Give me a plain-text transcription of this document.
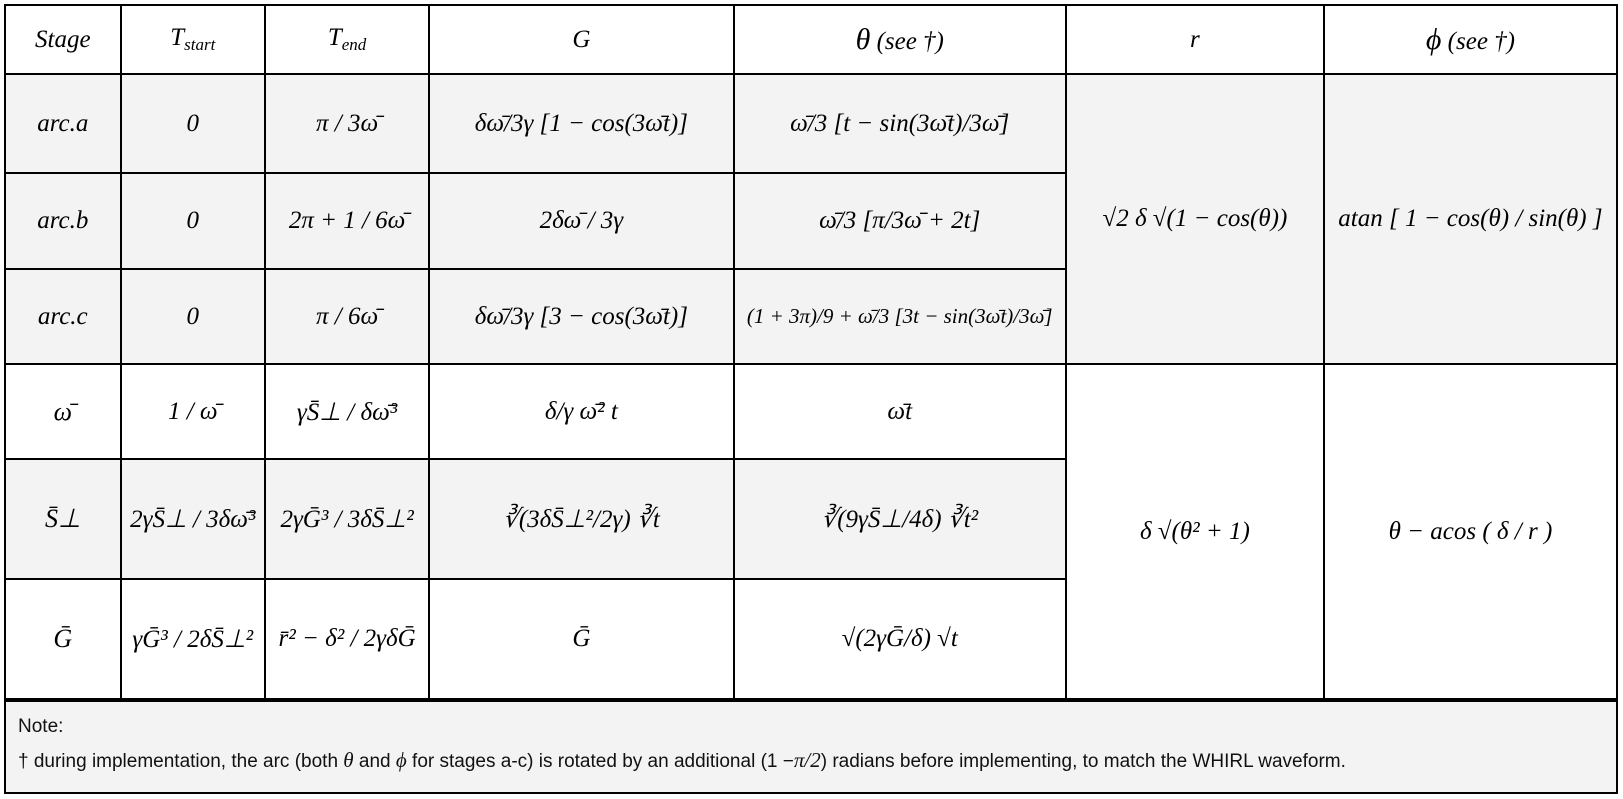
Stage	$T_{start}$	$T_{end}$	G	θ (see †)	r	ϕ (see †)
arc.a	0	π / 3ω̄	δω̄/3γ [1 − cos(3ω̄t)]	ω̄/3 [t − sin(3ω̄t)/3ω̄]	√2 δ √(1 − cos(θ))	atan [ 1 − cos(θ) / sin(θ) ]
arc.b	0	2π + 1 / 6ω̄	2δω̄ / 3γ	ω̄/3 [π/3ω̄ + 2t]		
arc.c	0	π / 6ω̄	δω̄/3γ [3 − cos(3ω̄t)]	(1 + 3π)/9 + ω̄/3 [3t − sin(3ω̄t)/3ω̄]		
ω̄	1 / ω̄	γS̄⊥ / δω̄³	δ/γ ω̄² t	ω̄t	δ √(θ² + 1)	θ − acos ( δ / r )
S̄⊥	2γS̄⊥ / 3δω̄³	2γḠ³ / 3δS̄⊥²	∛(3δS̄⊥²/2γ) ∛t	∛(9γS̄⊥/4δ) ∛t²		
Ḡ	γḠ³ / 2δS̄⊥²	r̄² − δ² / 2γδḠ	Ḡ	√(2γḠ/δ) √t		
Note:
† during implementation, the arc (both θ and ϕ for stages a-c) is rotated by an additional (1 −π/2) radians before implementing, to match the WHIRL waveform.
